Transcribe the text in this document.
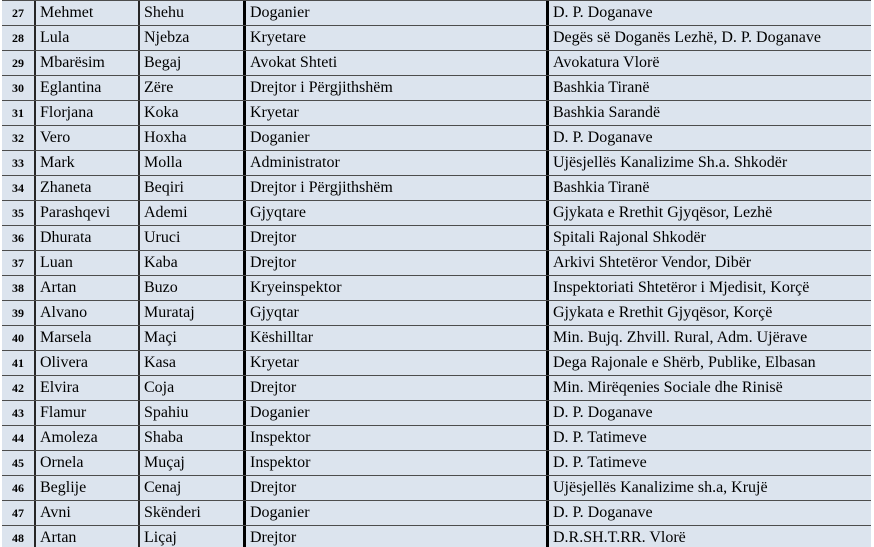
27	Mehmet	Shehu	Doganier	D. P. Doganave
28	Lula	Njebza	Kryetare	Degës së Doganës Lezhë, D. P. Doganave
29	Mbarësim	Begaj	Avokat Shteti	Avokatura Vlorë
30	Eglantina	Zëre	Drejtor i Përgjithshëm	Bashkia Tiranë
31	Florjana	Koka	Kryetar	Bashkia Sarandë
32	Vero	Hoxha	Doganier	D. P. Doganave
33	Mark	Molla	Administrator	Ujësjellës Kanalizime Sh.a. Shkodër
34	Zhaneta	Beqiri	Drejtor i Përgjithshëm	Bashkia Tiranë
35	Parashqevi	Ademi	Gjyqtare	Gjykata e Rrethit Gjyqësor, Lezhë
36	Dhurata	Uruci	Drejtor	Spitali Rajonal Shkodër
37	Luan	Kaba	Drejtor	Arkivi Shtetëror Vendor, Dibër
38	Artan	Buzo	Kryeinspektor	Inspektoriati Shtetëror i Mjedisit, Korçë
39	Alvano	Murataj	Gjyqtar	Gjykata e Rrethit Gjyqësor, Korçë
40	Marsela	Maçi	Këshilltar	Min. Bujq. Zhvill. Rural, Adm. Ujërave
41	Olivera	Kasa	Kryetar	Dega Rajonale e Shërb, Publike, Elbasan
42	Elvira	Coja	Drejtor	Min. Mirëqenies Sociale dhe Rinisë
43	Flamur	Spahiu	Doganier	D. P. Doganave
44	Amoleza	Shaba	Inspektor	D. P. Tatimeve
45	Ornela	Muçaj	Inspektor	D. P. Tatimeve
46	Beglije	Cenaj	Drejtor	Ujësjellës Kanalizime sh.a, Krujë
47	Avni	Skënderi	Doganier	D. P. Doganave
48	Artan	Liçaj	Drejtor	D.R.SH.T.RR. Vlorë
